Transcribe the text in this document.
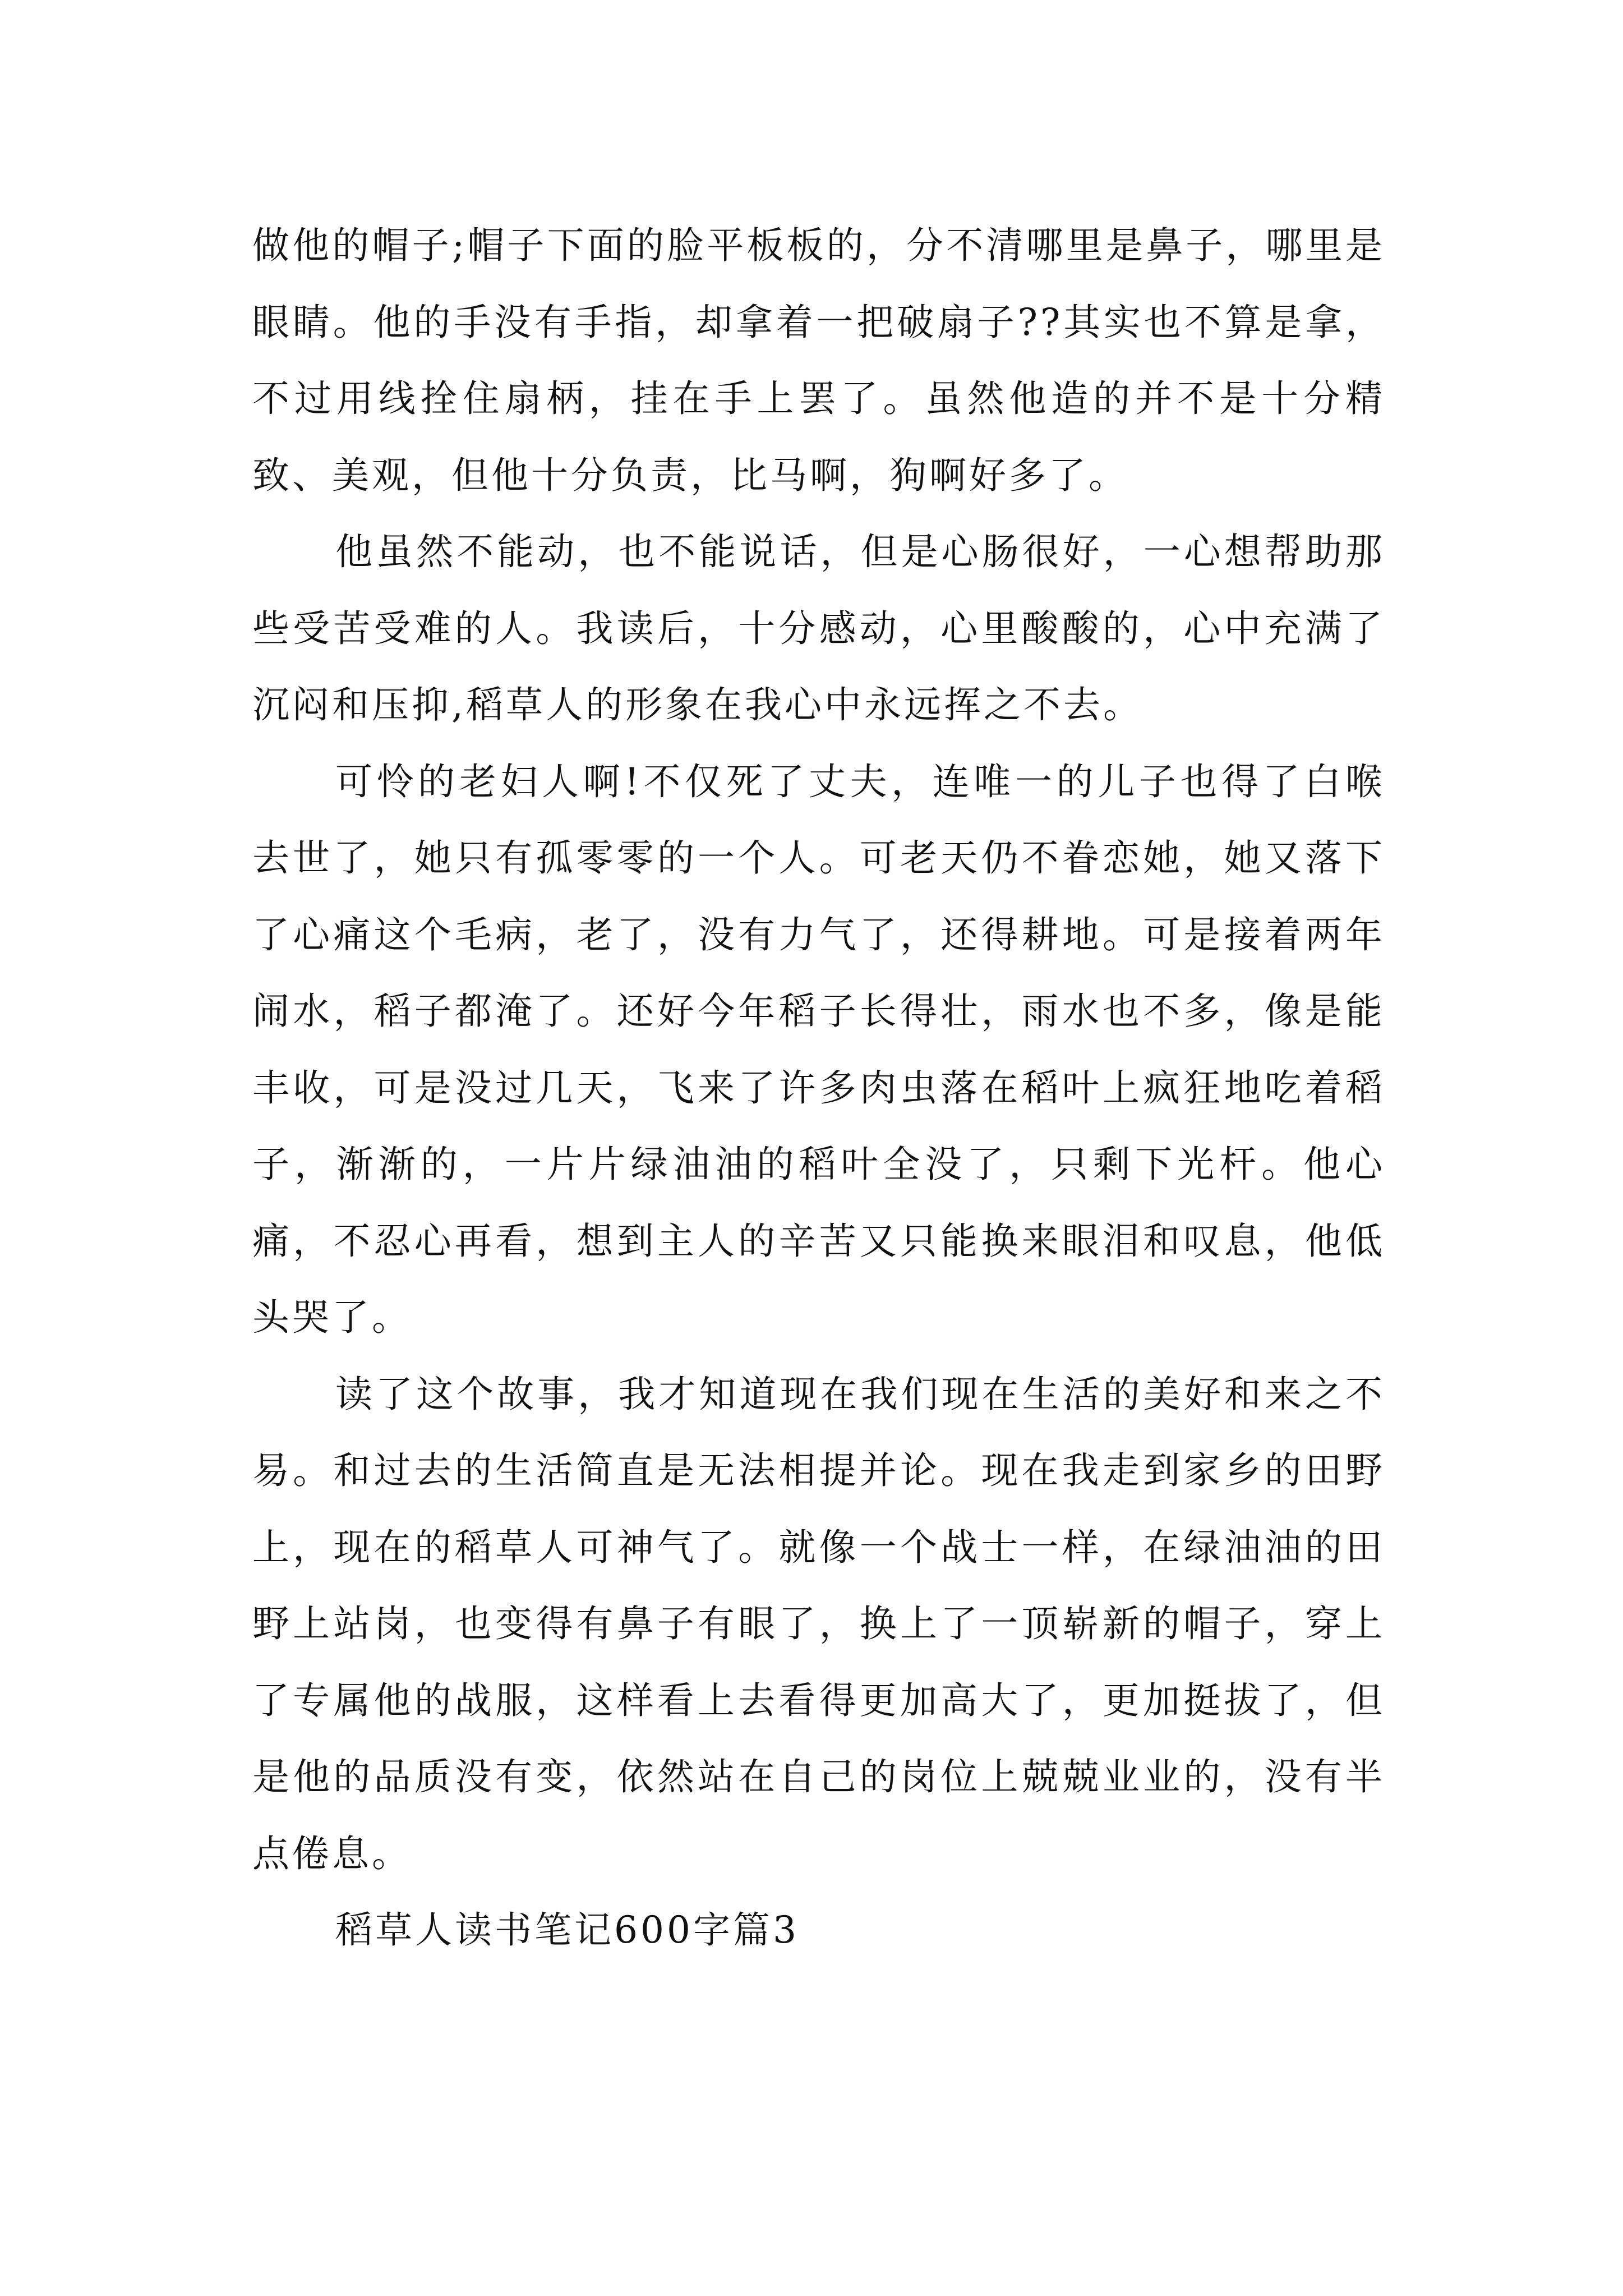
做他的帽子;帽子下面的脸平板板的，分不清哪里是鼻子，哪里是眼睛。他的手没有手指，却拿着一把破扇子??其实也不算是拿，不过用线拴住扇柄，挂在手上罢了。虽然他造的并不是十分精致、美观，但他十分负责，比马啊，狗啊好多了。

他虽然不能动，也不能说话，但是心肠很好，一心想帮助那些受苦受难的人。我读后，十分感动，心里酸酸的，心中充满了沉闷和压抑,稻草人的形象在我心中永远挥之不去。

可怜的老妇人啊!不仅死了丈夫，连唯一的儿子也得了白喉去世了，她只有孤零零的一个人。可老天仍不眷恋她，她又落下了心痛这个毛病，老了，没有力气了，还得耕地。可是接着两年闹水，稻子都淹了。还好今年稻子长得壮，雨水也不多，像是能丰收，可是没过几天，飞来了许多肉虫落在稻叶上疯狂地吃着稻子，渐渐的，一片片绿油油的稻叶全没了，只剩下光杆。他心痛，不忍心再看，想到主人的辛苦又只能换来眼泪和叹息，他低头哭了。

读了这个故事，我才知道现在我们现在生活的美好和来之不易。和过去的生活简直是无法相提并论。现在我走到家乡的田野上，现在的稻草人可神气了。就像一个战士一样，在绿油油的田野上站岗，也变得有鼻子有眼了，换上了一顶崭新的帽子，穿上了专属他的战服，这样看上去看得更加高大了，更加挺拔了，但是他的品质没有变，依然站在自己的岗位上兢兢业业的，没有半点倦息。

稻草人读书笔记600字篇3
